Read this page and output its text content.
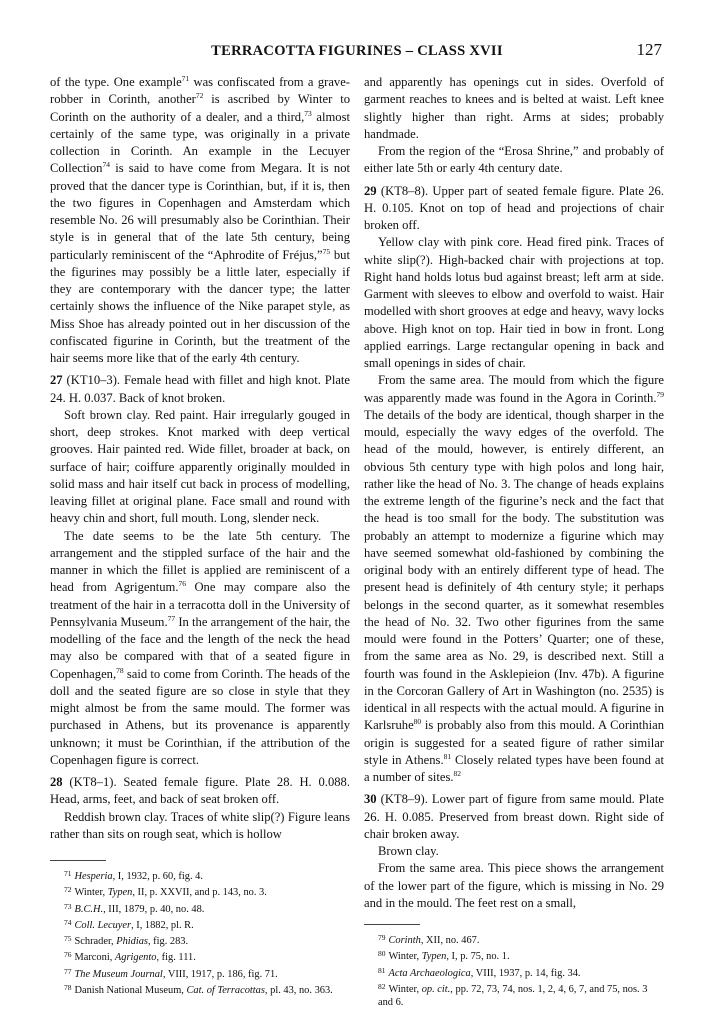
TERRACOTTA FIGURINES – CLASS XVII	127

of the type. One example$^{71}$ was confiscated from a grave-robber in Corinth, another$^{72}$ is ascribed by Winter to Corinth on the authority of a dealer, and a third,$^{73}$ almost certainly of the same type, was originally in a private collection in Corinth. An example in the Lecuyer Collection$^{74}$ is said to have come from Megara. It is not proved that the dancer type is Corinthian, but, if it is, then the two figures in Copenhagen and Amsterdam which resemble No. 26 will presumably also be Corinthian. Their style is in general that of the late 5th century, being particularly reminiscent of the “Aphrodite of Fréjus,”$^{75}$ but the figurines may possibly be a little later, especially if they are contemporary with the dancer type; the latter certainly shows the influence of the Nike parapet style, as Miss Shoe has already pointed out in her discussion of the confiscated figurine in Corinth, but the treatment of the hair seems more like that of the early 4th century.

27 (KT10–3). Female head with fillet and high knot. Plate 24. H. 0.037. Back of knot broken.

Soft brown clay. Red paint. Hair irregularly gouged in short, deep strokes. Knot marked with deep vertical grooves. Hair painted red. Wide fillet, broader at back, on surface of hair; coiffure apparently originally moulded in solid mass and hair itself cut back in process of modelling, leaving fillet at original plane. Face small and round with heavy chin and short, full mouth. Long, slender neck.

The date seems to be the late 5th century. The arrangement and the stippled surface of the hair and the manner in which the fillet is applied are reminiscent of a head from Agrigentum.$^{76}$ One may compare also the treatment of the hair in a terracotta doll in the University of Pennsylvania Museum.$^{77}$ In the arrangement of the hair, the modelling of the face and the length of the neck the head may also be compared with that of a seated figure in Copenhagen,$^{78}$ said to come from Corinth. The heads of the doll and the seated figure are so close in style that they might almost be from the same mould. The former was purchased in Athens, but its provenance is apparently unknown; it must be Corinthian, if the attribution of the Copenhagen figure is correct.

28 (KT8–1). Seated female figure. Plate 28. H. 0.088. Head, arms, feet, and back of seat broken off.

Reddish brown clay. Traces of white slip(?) Figure leans rather than sits on rough seat, which is hollow

$^{71}$ Hesperia, I, 1932, p. 60, fig. 4.
$^{72}$ Winter, Typen, II, p. XXVII, and p. 143, no. 3.
$^{73}$ B.C.H., III, 1879, p. 40, no. 48.
$^{74}$ Coll. Lecuyer, I, 1882, pl. R.
$^{75}$ Schrader, Phidias, fig. 283.
$^{76}$ Marconi, Agrigento, fig. 111.
$^{77}$ The Museum Journal, VIII, 1917, p. 186, fig. 71.
$^{78}$ Danish National Museum, Cat. of Terracottas, pl. 43, no. 363.

and apparently has openings cut in sides. Overfold of garment reaches to knees and is belted at waist. Left knee slightly higher than right. Arms at sides; probably handmade.

From the region of the “Erosa Shrine,” and probably of either late 5th or early 4th century date.

29 (KT8–8). Upper part of seated female figure. Plate 26. H. 0.105. Knot on top of head and projections of chair broken off.

Yellow clay with pink core. Head fired pink. Traces of white slip(?). High-backed chair with projections at top. Right hand holds lotus bud against breast; left arm at side. Garment with sleeves to elbow and overfold to waist. Hair modelled with short grooves at edge and heavy, wavy locks above. High knot on top. Hair tied in bow in front. Long applied earrings. Large rectangular opening in back and small openings in sides of chair.

From the same area. The mould from which the figure was apparently made was found in the Agora in Corinth.$^{79}$ The details of the body are identical, though sharper in the mould, especially the wavy edges of the overfold. The head of the mould, however, is entirely different, an obvious 5th century type with high polos and long hair, rather like the head of No. 3. The change of heads explains the extreme length of the figurine’s neck and the fact that the head is too small for the body. The substitution was probably an attempt to modernize a figurine which may have seemed somewhat old-fashioned by combining the original body with an entirely different type of head. The present head is definitely of 4th century style; it perhaps belongs in the second quarter, as it somewhat resembles the head of No. 32. Two other figurines from the same mould were found in the Potters’ Quarter; one of these, from the same area as No. 29, is described next. Still a fourth was found in the Asklepieion (Inv. 47b). A figurine in the Corcoran Gallery of Art in Washington (no. 2535) is identical in all respects with the actual mould. A figurine in Karlsruhe$^{80}$ is probably also from this mould. A Corinthian origin is suggested for a seated figure of rather similar style in Athens.$^{81}$ Closely related types have been found at a number of sites.$^{82}$

30 (KT8–9). Lower part of figure from same mould. Plate 26. H. 0.085. Preserved from breast down. Right side of chair broken away.

Brown clay.

From the same area. This piece shows the arrangement of the lower part of the figure, which is missing in No. 29 and in the mould. The feet rest on a small,

$^{79}$ Corinth, XII, no. 467.
$^{80}$ Winter, Typen, I, p. 75, no. 1.
$^{81}$ Acta Archaeologica, VIII, 1937, p. 14, fig. 34.
$^{82}$ Winter, op. cit., pp. 72, 73, 74, nos. 1, 2, 4, 6, 7, and 75, nos. 3 and 6.
